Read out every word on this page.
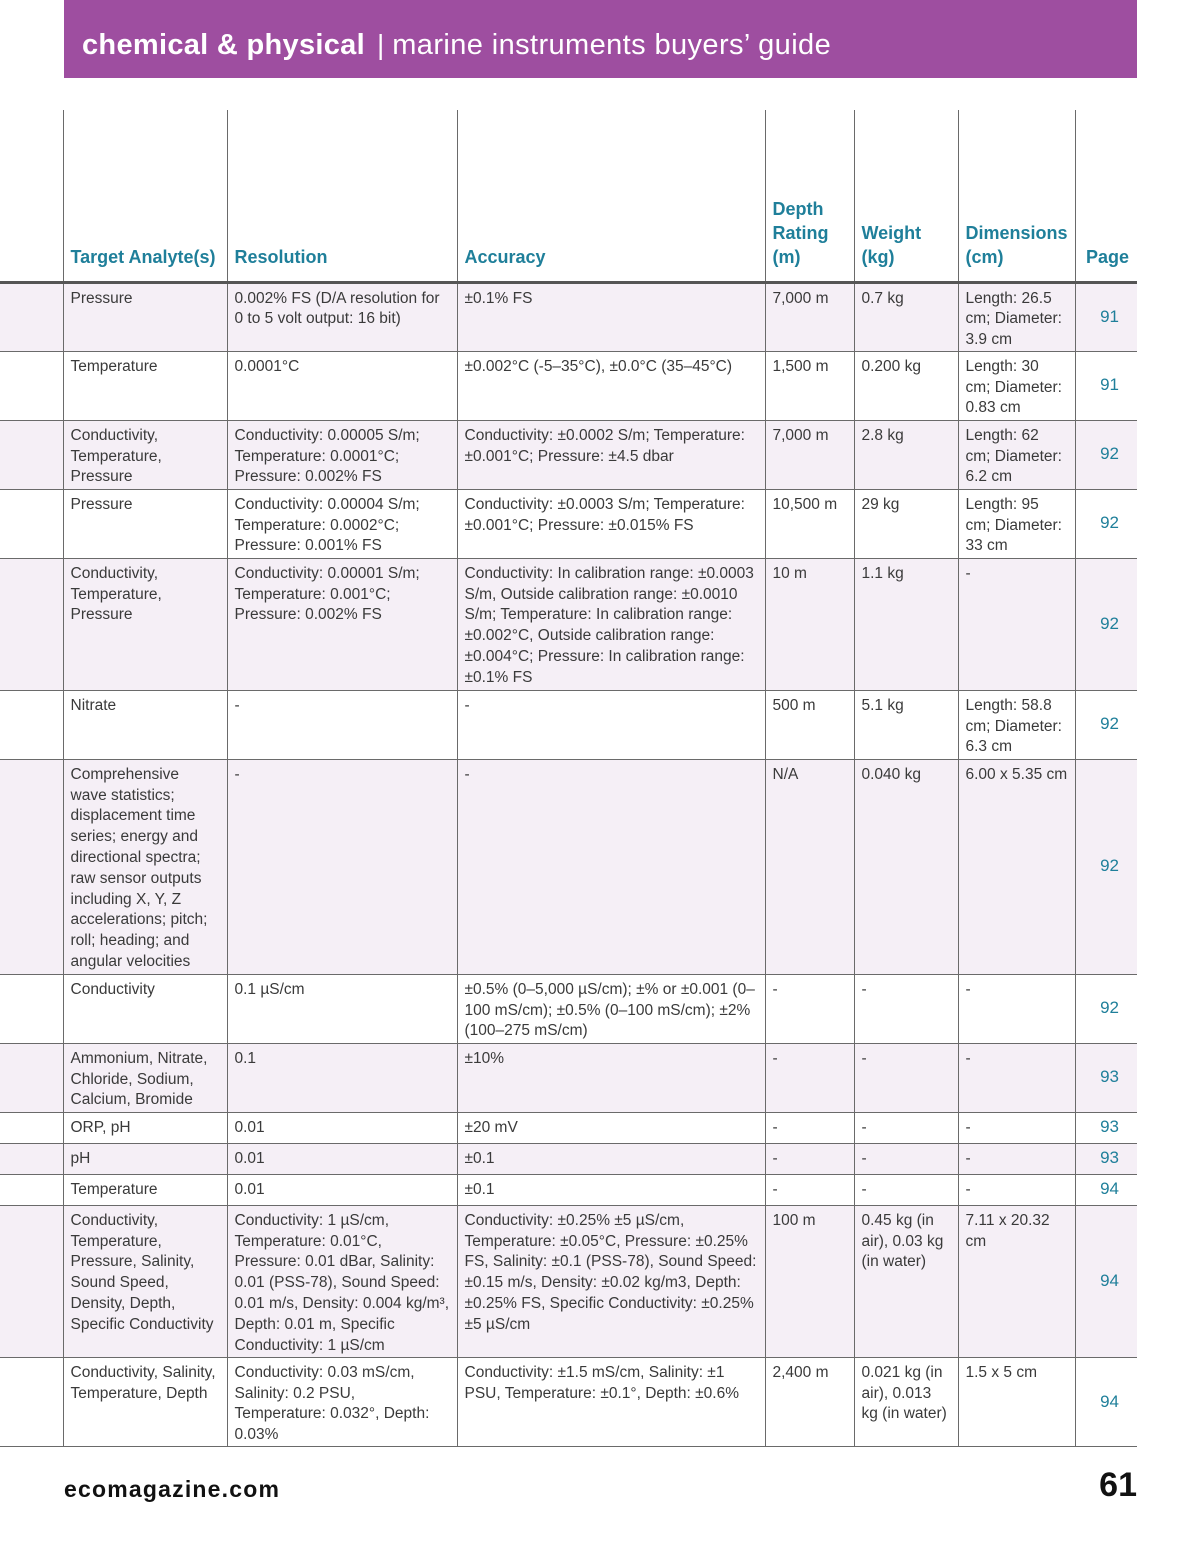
chemical & physical | marine instruments buyers’ guide
	Target Analyte(s)	Resolution	Accuracy	Depth Rating (m)	Weight (kg)	Dimensions (cm)	Page
	Pressure	0.002% FS (D/A resolution for 0 to 5 volt output: 16 bit)	±0.1% FS	7,000 m	0.7 kg	Length: 26.5 cm; Diameter: 3.9 cm	91
	Temperature	0.0001°C	±0.002°C (-5–35°C), ±0.0°C (35–45°C)	1,500 m	0.200 kg	Length: 30 cm; Diameter: 0.83 cm	91
	Conductivity, Temperature, Pressure	Conductivity: 0.00005 S/m; Temperature: 0.0001°C; Pressure: 0.002% FS	Conductivity: ±0.0002 S/m; Temperature: ±0.001°C; Pressure: ±4.5 dbar	7,000 m	2.8 kg	Length: 62 cm; Diameter: 6.2 cm	92
	Pressure	Conductivity: 0.00004 S/m; Temperature: 0.0002°C; Pressure: 0.001% FS	Conductivity: ±0.0003 S/m; Temperature: ±0.001°C; Pressure: ±0.015% FS	10,500 m	29 kg	Length: 95 cm; Diameter: 33 cm	92
	Conductivity, Temperature, Pressure	Conductivity: 0.00001 S/m; Temperature: 0.001°C; Pressure: 0.002% FS	Conductivity: In calibration range: ±0.0003 S/m, Outside calibration range: ±0.0010 S/m; Temperature: In calibration range: ±0.002°C, Outside calibration range: ±0.004°C; Pressure: In calibration range: ±0.1% FS	10 m	1.1 kg	-	92
	Nitrate	-	-	500 m	5.1 kg	Length: 58.8 cm; Diameter: 6.3 cm	92
	Comprehensive wave statistics; displacement time series; energy and directional spectra; raw sensor outputs including X, Y, Z accelerations; pitch; roll; heading; and angular velocities	-	-	N/A	0.040 kg	6.00 x 5.35 cm	92
	Conductivity	0.1 µS/cm	±0.5% (0–5,000 µS/cm); ±% or ±0.001 (0–100 mS/cm); ±0.5% (0–100 mS/cm); ±2% (100–275 mS/cm)	-	-	-	92
	Ammonium, Nitrate, Chloride, Sodium, Calcium, Bromide	0.1	±10%	-	-	-	93
	ORP, pH	0.01	±20 mV	-	-	-	93
	pH	0.01	±0.1	-	-	-	93
	Temperature	0.01	±0.1	-	-	-	94
	Conductivity, Temperature, Pressure, Salinity, Sound Speed, Density, Depth, Specific Conductivity	Conductivity: 1 µS/cm, Temperature: 0.01°C, Pressure: 0.01 dBar, Salinity: 0.01 (PSS-78), Sound Speed: 0.01 m/s, Density: 0.004 kg/m³, Depth: 0.01 m, Specific Conductivity: 1 µS/cm	Conductivity: ±0.25% ±5 µS/cm, Temperature: ±0.05°C, Pressure: ±0.25% FS, Salinity: ±0.1 (PSS-78), Sound Speed: ±0.15 m/s, Density: ±0.02 kg/m3, Depth: ±0.25% FS, Specific Conductivity: ±0.25% ±5 µS/cm	100 m	0.45 kg (in air), 0.03 kg (in water)	7.11 x 20.32 cm	94
	Conductivity, Salinity, Temperature, Depth	Conductivity: 0.03 mS/cm, Salinity: 0.2 PSU, Temperature: 0.032°, Depth: 0.03%	Conductivity: ±1.5 mS/cm, Salinity: ±1 PSU, Temperature: ±0.1°, Depth: ±0.6%	2,400 m	0.021 kg (in air), 0.013 kg (in water)	1.5 x 5 cm	94
ecomagazine.com	61
